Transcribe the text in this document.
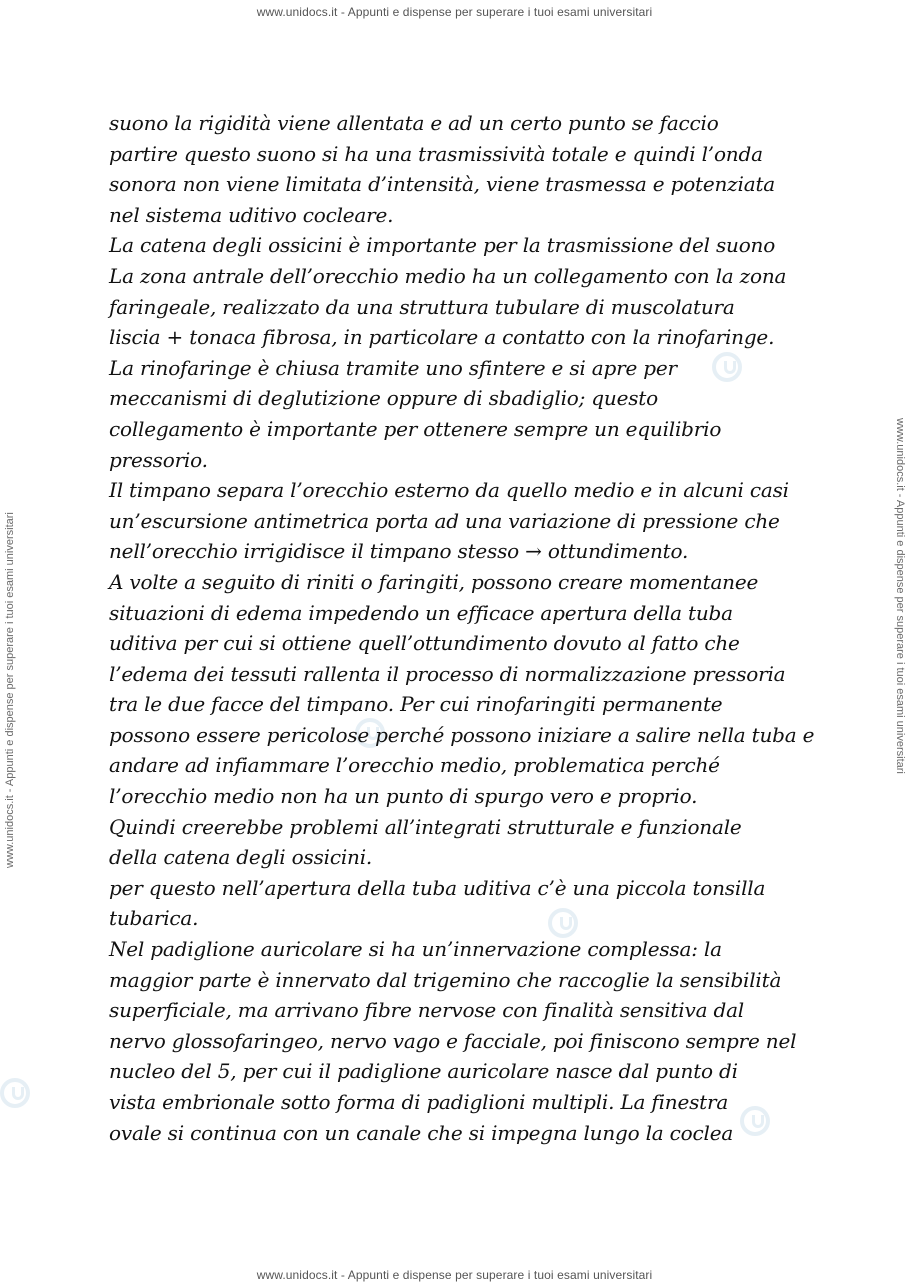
www.unidocs.it - Appunti e dispense per superare i tuoi esami universitari
www.unidocs.it - Appunti e dispense per superare i tuoi esami universitari	www.unidocs.it - Appunti e dispense per superare i tuoi esami universitari
suono la rigidità viene allentata e ad un certo punto se faccio
partire questo suono si ha una trasmissività totale e quindi l’onda
sonora non viene limitata d’intensità, viene trasmessa e potenziata
nel sistema uditivo cocleare.
La catena degli ossicini è importante per la trasmissione del suono
La zona antrale dell’orecchio medio ha un collegamento con la zona
faringeale, realizzato da una struttura tubulare di muscolatura
liscia + tonaca fibrosa, in particolare a contatto con la rinofaringe.
La rinofaringe è chiusa tramite uno sfintere e si apre per
meccanismi di deglutizione oppure di sbadiglio; questo
collegamento è importante per ottenere sempre un equilibrio
pressorio.
Il timpano separa l’orecchio esterno da quello medio e in alcuni casi
un’escursione antimetrica porta ad una variazione di pressione che
nell’orecchio irrigidisce il timpano stesso → ottundimento.
A volte a seguito di riniti o faringiti, possono creare momentanee
situazioni di edema impedendo un efficace apertura della tuba
uditiva per cui si ottiene quell’ottundimento dovuto al fatto che
l’edema dei tessuti rallenta il processo di normalizzazione pressoria
tra le due facce del timpano. Per cui rinofaringiti permanente
possono essere pericolose perché possono iniziare a salire nella tuba e
andare ad infiammare l’orecchio medio, problematica perché
l’orecchio medio non ha un punto di spurgo vero e proprio.
Quindi creerebbe problemi all’integrati strutturale e funzionale
della catena degli ossicini.
per questo nell’apertura della tuba uditiva c’è una piccola tonsilla
tubarica.
Nel padiglione auricolare si ha un’innervazione complessa: la
maggior parte è innervato dal trigemino che raccoglie la sensibilità
superficiale, ma arrivano fibre nervose con finalità sensitiva dal
nervo glossofaringeo, nervo vago e facciale, poi finiscono sempre nel
nucleo del 5, per cui il padiglione auricolare nasce dal punto di
vista embrionale sotto forma di padiglioni multipli. La finestra
ovale si continua con un canale che si impegna lungo la coclea
www.unidocs.it - Appunti e dispense per superare i tuoi esami universitari
